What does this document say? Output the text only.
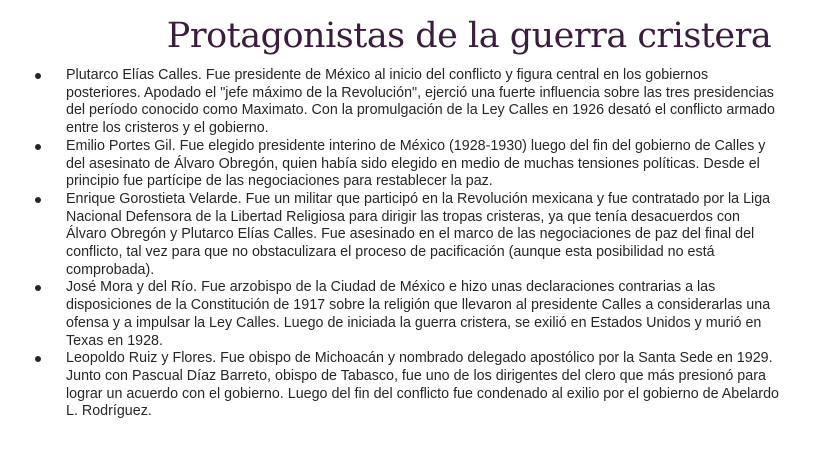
Protagonistas de la guerra cristera
Plutarco Elías Calles. Fue presidente de México al inicio del conflicto y figura central en los gobiernos posteriores. Apodado el "jefe máximo de la Revolución", ejerció una fuerte influencia sobre las tres presidencias del período conocido como Maximato. Con la promulgación de la Ley Calles en 1926 desató el conflicto armado entre los cristeros y el gobierno.
Emilio Portes Gil. Fue elegido presidente interino de México (1928-1930) luego del fin del gobierno de Calles y del asesinato de Álvaro Obregón, quien había sido elegido en medio de muchas tensiones políticas. Desde el principio fue partícipe de las negociaciones para restablecer la paz.
Enrique Gorostieta Velarde. Fue un militar que participó en la Revolución mexicana y fue contratado por la Liga Nacional Defensora de la Libertad Religiosa para dirigir las tropas cristeras, ya que tenía desacuerdos con Álvaro Obregón y Plutarco Elías Calles. Fue asesinado en el marco de las negociaciones de paz del final del conflicto, tal vez para que no obstaculizara el proceso de pacificación (aunque esta posibilidad no está comprobada).
José Mora y del Río. Fue arzobispo de la Ciudad de México e hizo unas declaraciones contrarias a las disposiciones de la Constitución de 1917 sobre la religión que llevaron al presidente Calles a considerarlas una ofensa y a impulsar la Ley Calles. Luego de iniciada la guerra cristera, se exilió en Estados Unidos y murió en Texas en 1928.
Leopoldo Ruiz y Flores. Fue obispo de Michoacán y nombrado delegado apostólico por la Santa Sede en 1929. Junto con Pascual Díaz Barreto, obispo de Tabasco, fue uno de los dirigentes del clero que más presionó para lograr un acuerdo con el gobierno. Luego del fin del conflicto fue condenado al exilio por el gobierno de Abelardo L. Rodríguez.
